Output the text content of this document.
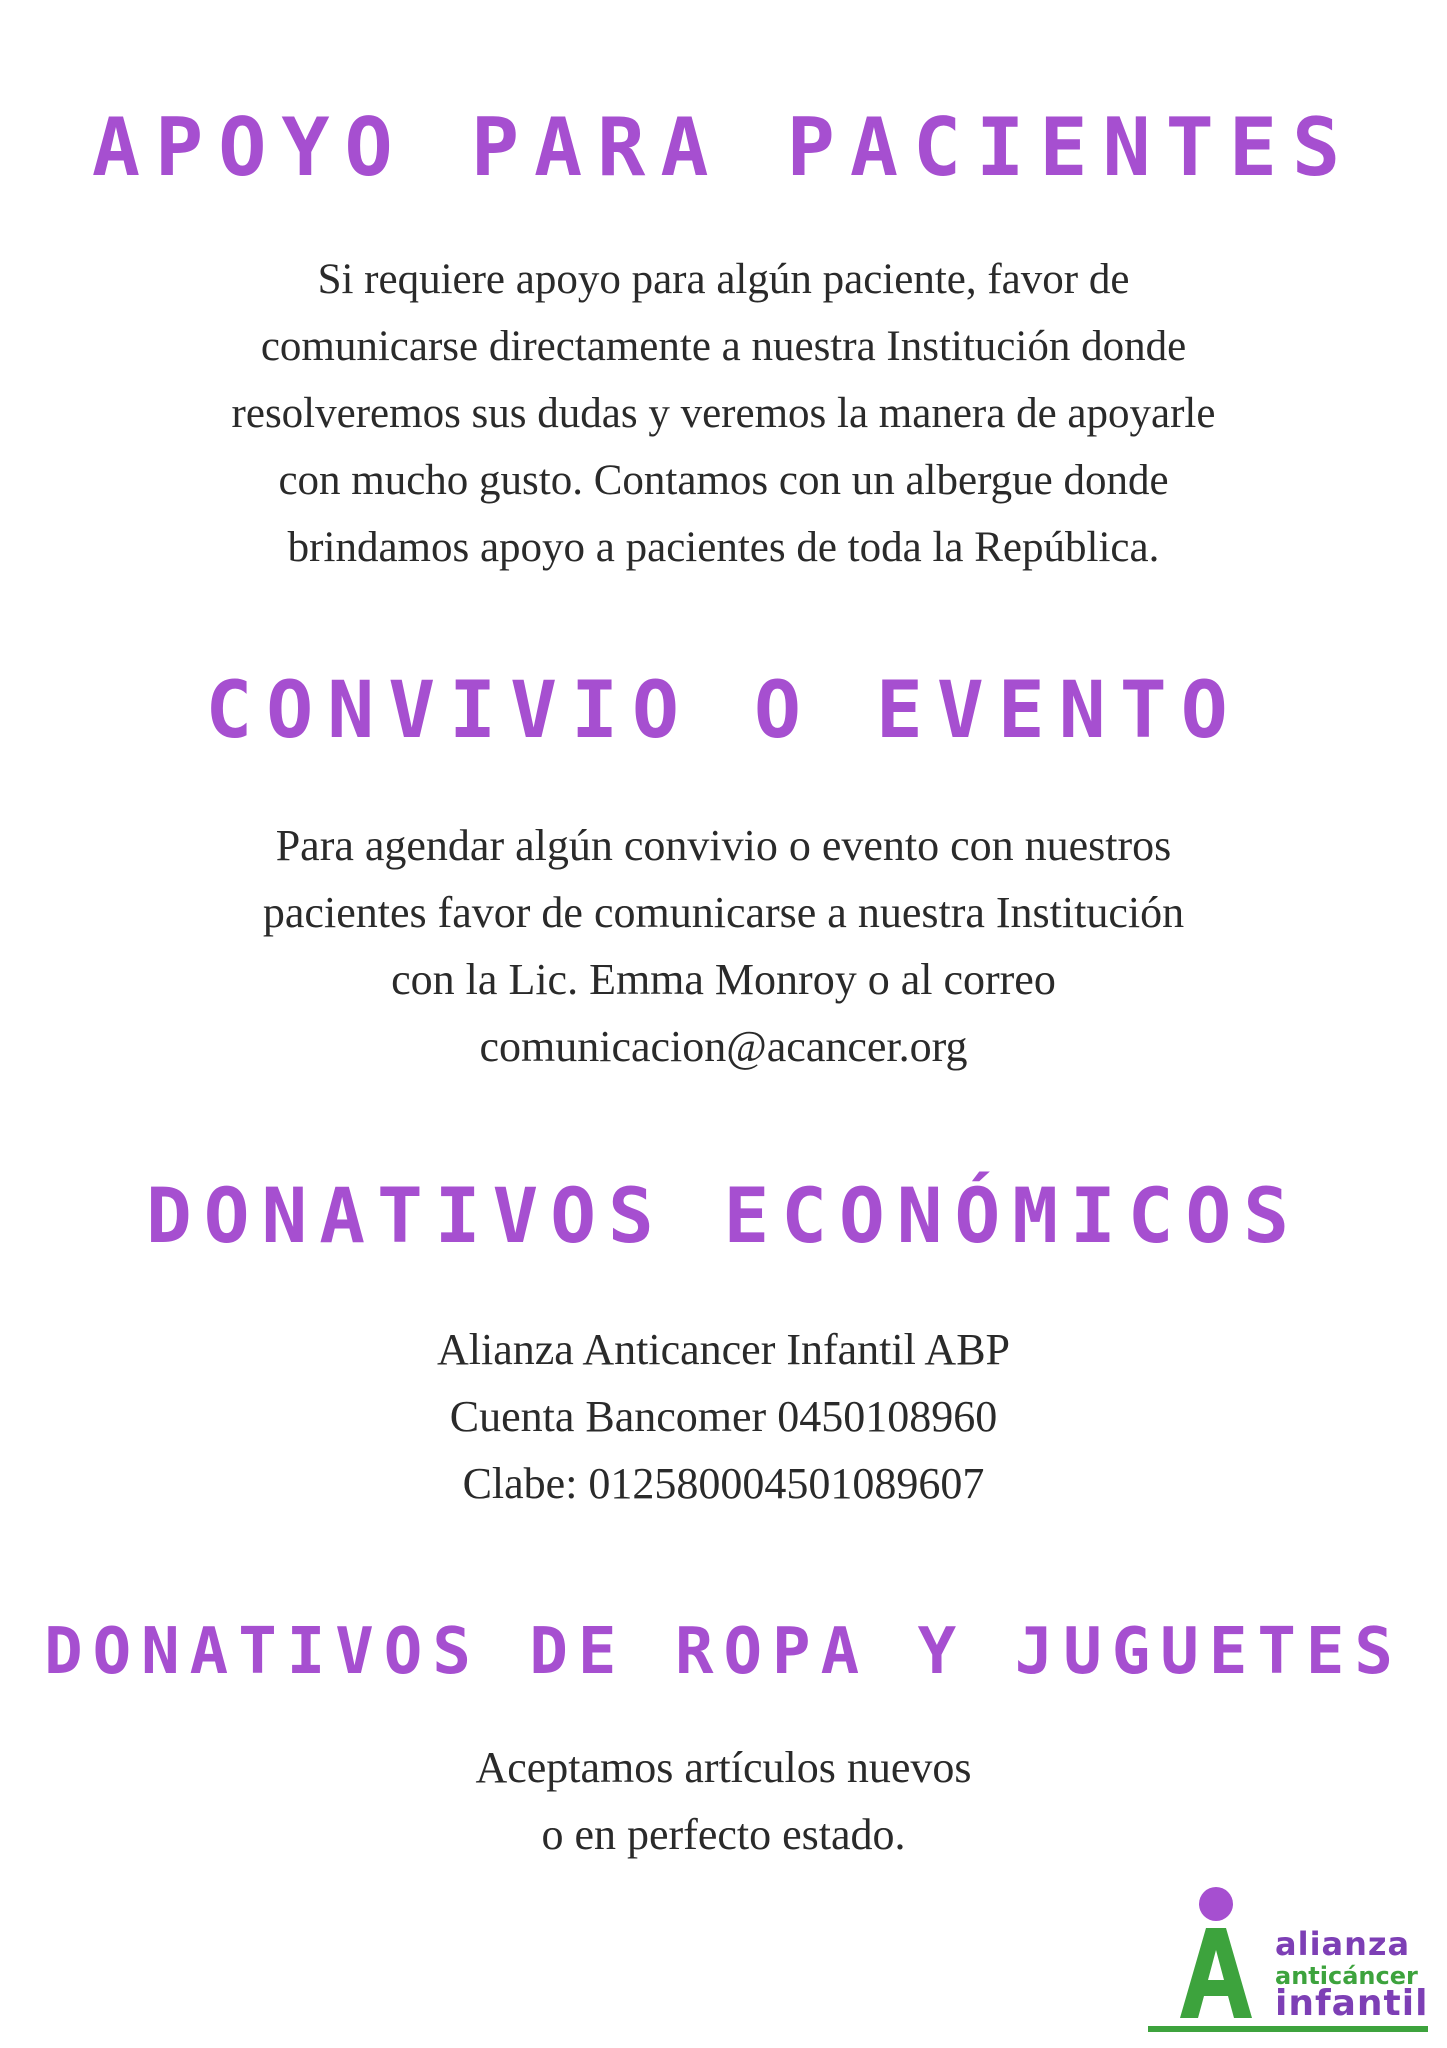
APOYO PARA PACIENTES

Si requiere apoyo para algún paciente, favor de
comunicarse directamente a nuestra Institución donde
resolveremos sus dudas y veremos la manera de apoyarle
con mucho gusto. Contamos con un albergue donde
brindamos apoyo a pacientes de toda la República.

CONVIVIO O EVENTO

Para agendar algún convivio o evento con nuestros
pacientes favor de comunicarse a nuestra Institución
con la Lic. Emma Monroy o al correo
comunicacion@acancer.org

DONATIVOS ECONÓMICOS

Alianza Anticancer Infantil ABP
Cuenta Bancomer 0450108960
Clabe: 012580004501089607

DONATIVOS DE ROPA Y JUGUETES

Aceptamos artículos nuevos
o en perfecto estado.

alianza

anticáncer

infantil
